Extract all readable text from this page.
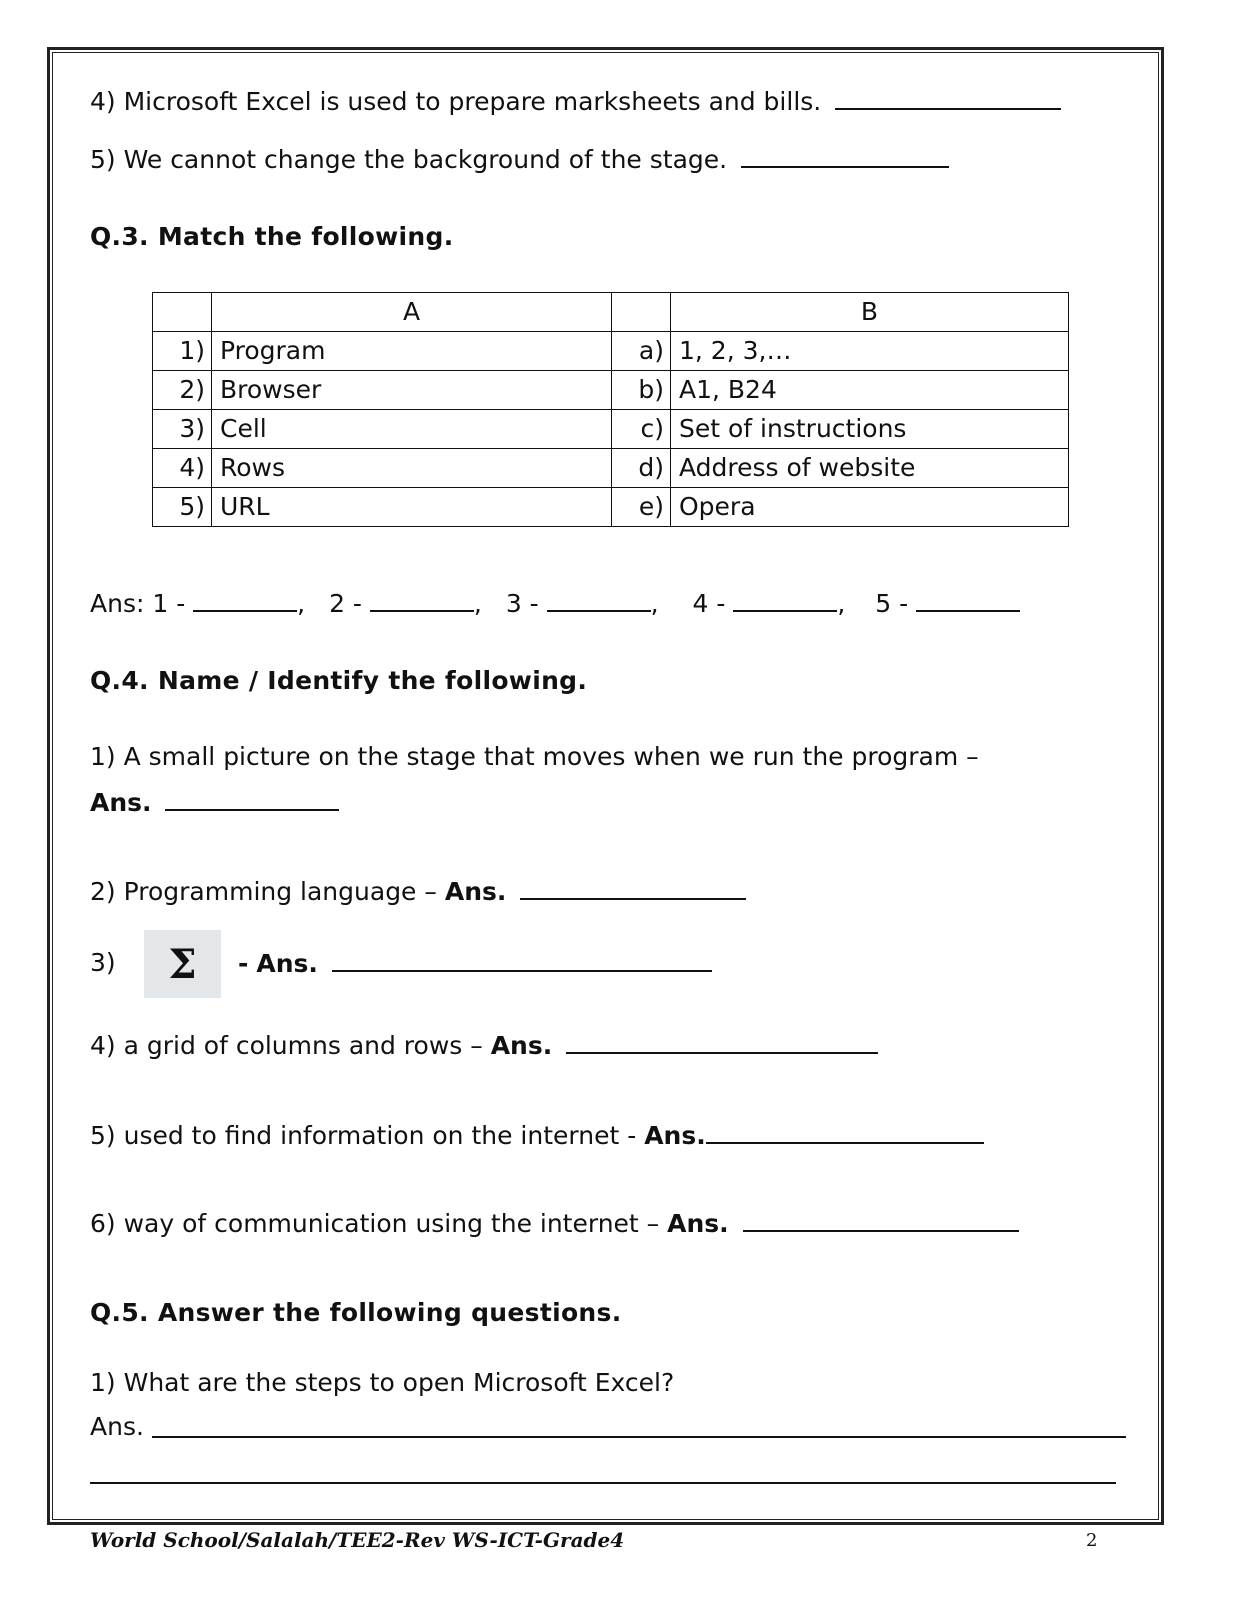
4) Microsoft Excel is used to prepare marksheets and bills.
5) We cannot change the background of the stage.
Q.3. Match the following.
	A		B
1)	Program	a)	1, 2, 3,…
2)	Browser	b)	A1, B24
3)	Cell	c)	Set of instructions
4)	Rows	d)	Address of website
5)	URL	e)	Opera
Ans: 1 -	, 2 -	, 3 -	, 4 -	, 5 -
Q.4. Name / Identify the following.
1) A small picture on the stage that moves when we run the program –
Ans.
2) Programming language – Ans.
3)	Σ	- Ans.
4) a grid of columns and rows – Ans.
5) used to find information on the internet - Ans.
6) way of communication using the internet – Ans.
Q.5. Answer the following questions.
1) What are the steps to open Microsoft Excel?
Ans.
World School/Salalah/TEE2-Rev WS-ICT-Grade4	2
